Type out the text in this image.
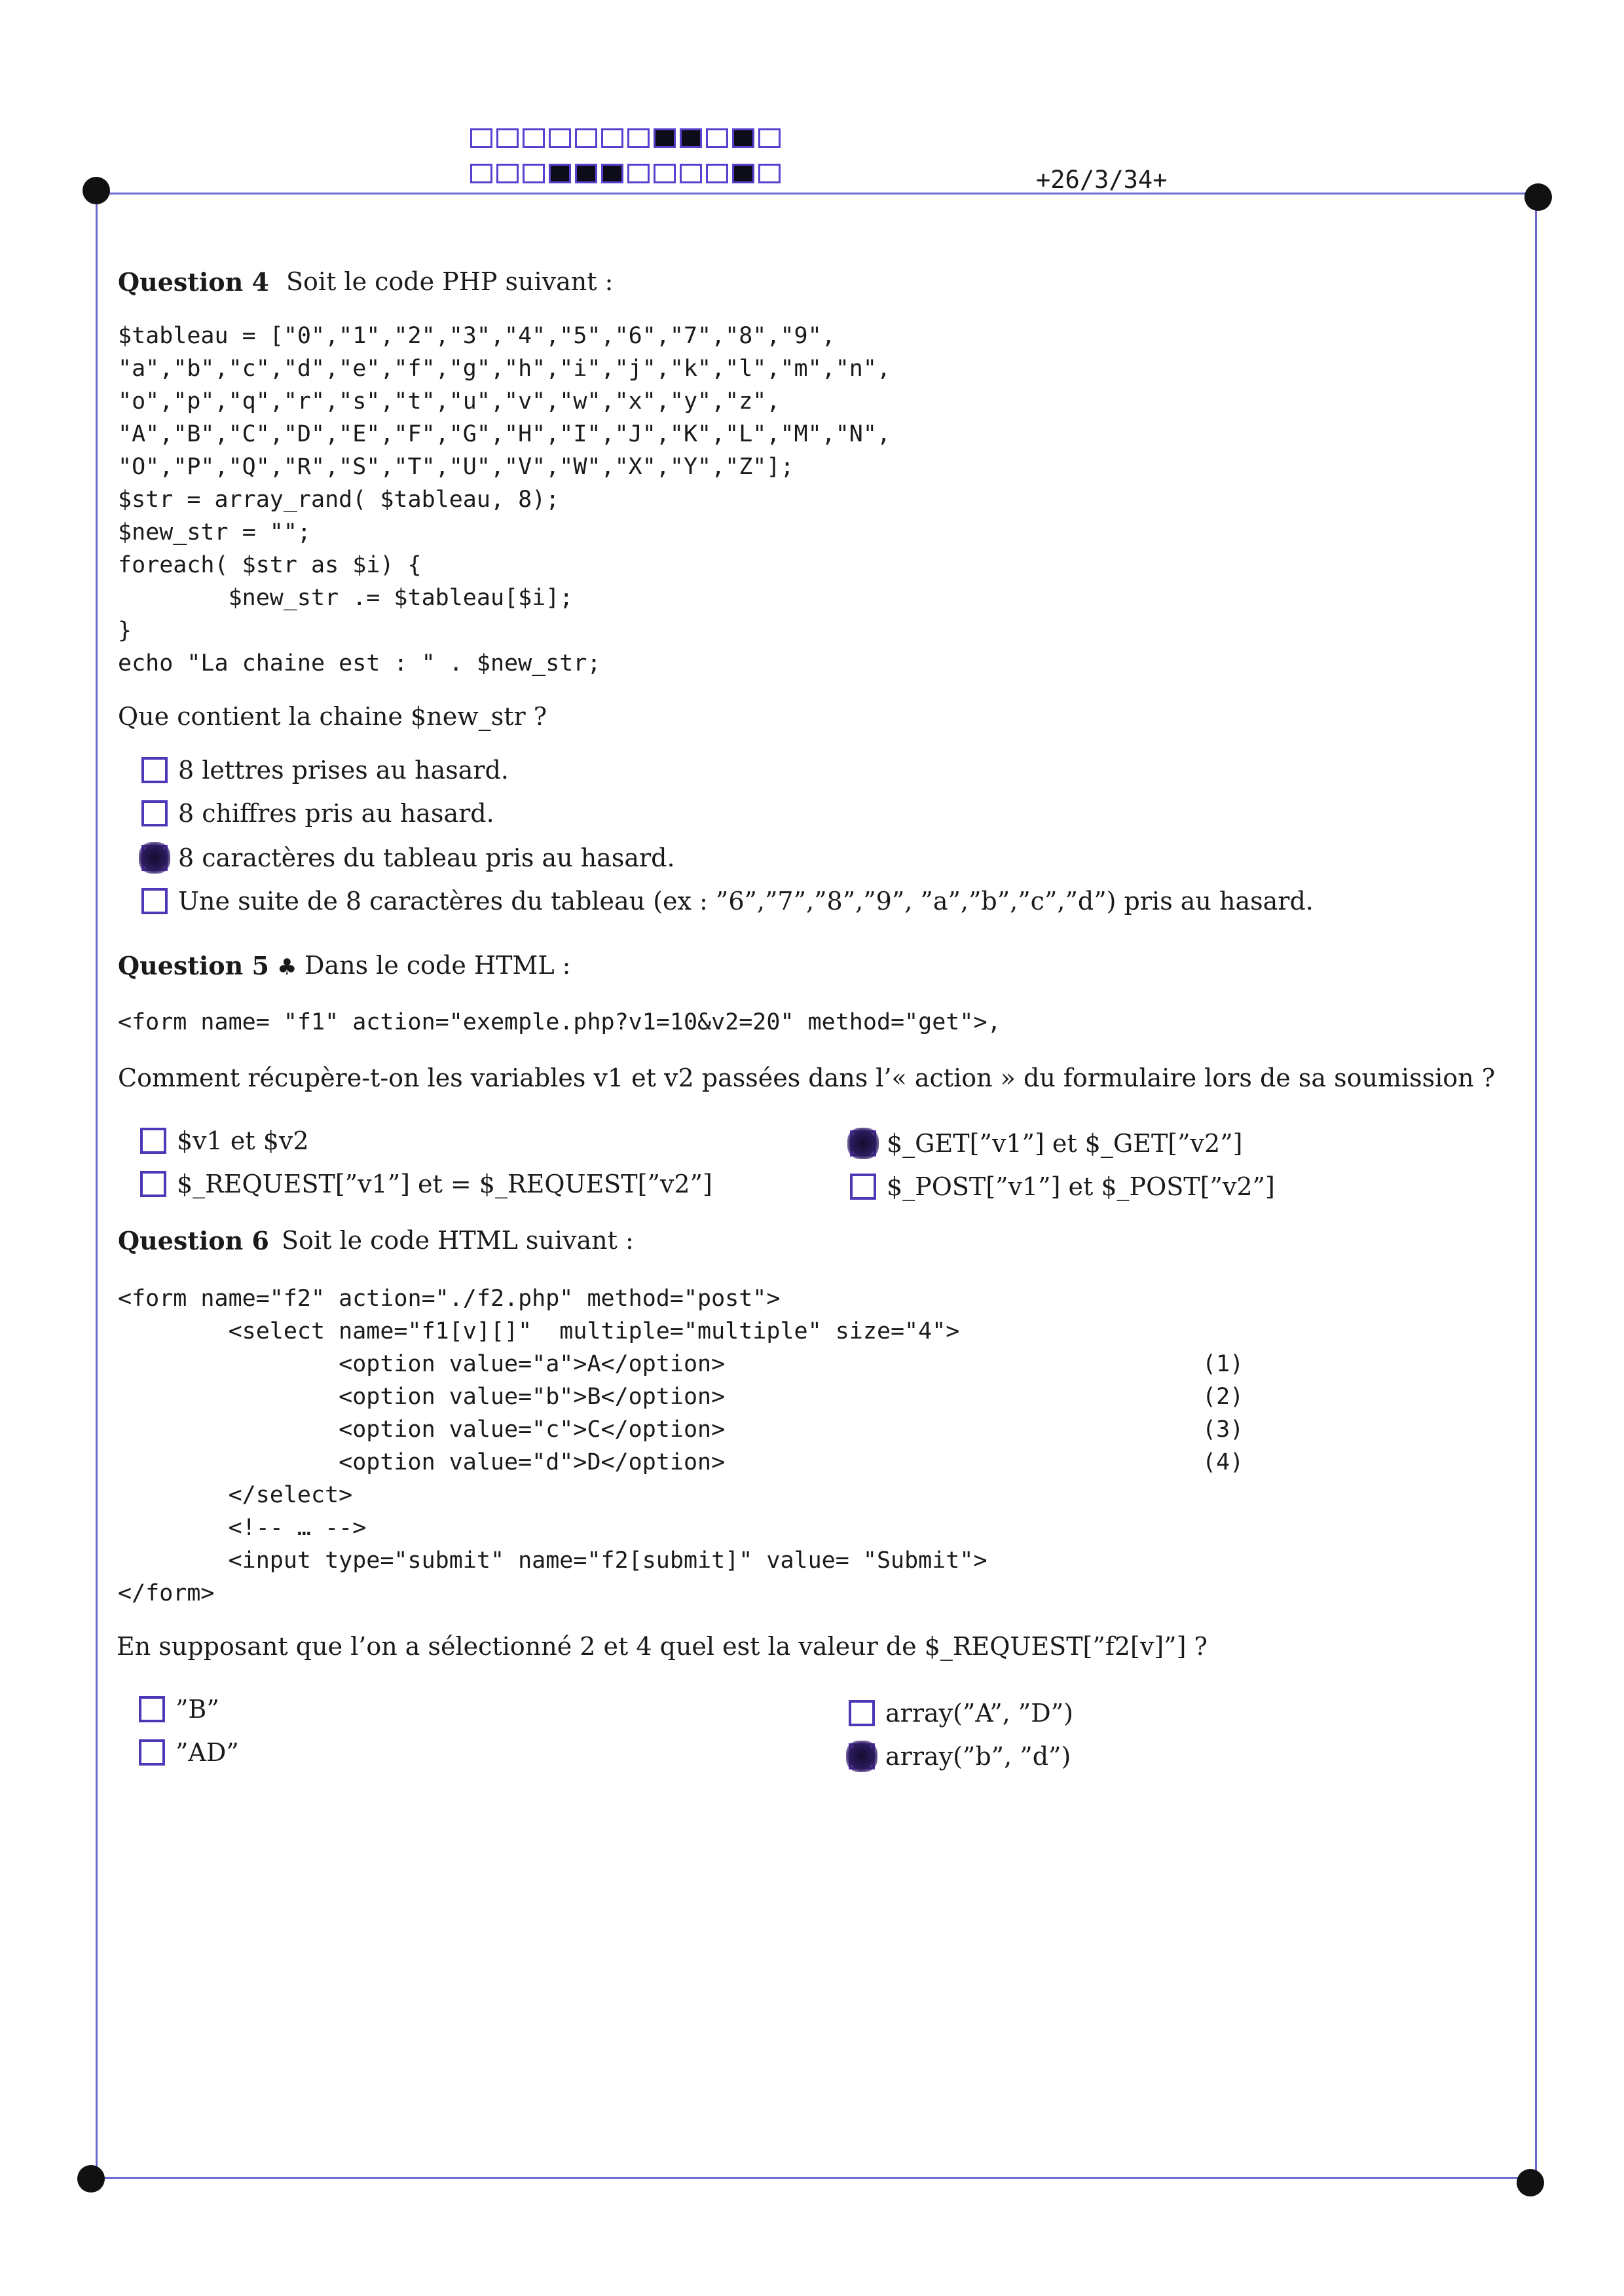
+26/3/34+
Question 4 Soit le code PHP suivant :
$tableau = ["0","1","2","3","4","5","6","7","8","9",
"a","b","c","d","e","f","g","h","i","j","k","l","m","n",
"o","p","q","r","s","t","u","v","w","x","y","z",
"A","B","C","D","E","F","G","H","I","J","K","L","M","N",
"O","P","Q","R","S","T","U","V","W","X","Y","Z"];
$str = array_rand( $tableau, 8);
$new_str = "";
foreach( $str as $i) {
$new_str .= $tableau[$i];
}
echo "La chaine est : " . $new_str;
Que contient la chaine $new_str ?
8 lettres prises au hasard.
8 chiffres pris au hasard.
8 caractères du tableau pris au hasard.
Une suite de 8 caractères du tableau (ex : ”6”,”7”,”8”,”9”, ”a”,”b”,”c”,”d”) pris au hasard.
Question 5 ♣ Dans le code HTML :
<form name= "f1" action="exemple.php?v1=10&v2=20" method="get">,
Comment récupère-t-on les variables v1 et v2 passées dans l’« action » du formulaire lors de sa soumission ?
$v1 et $v2
$_REQUEST[”v1”] et = $_REQUEST[”v2”]
$_GET[”v1”] et $_GET[”v2”]
$_POST[”v1”] et $_POST[”v2”]
Question 6 Soit le code HTML suivant :
<form name="f2" action="./f2.php" method="post">
<select name="f1[v][]"  multiple="multiple" size="4">
<option value="a">A</option>
<option value="b">B</option>
<option value="c">C</option>
<option value="d">D</option>
</select>
<!-- … -->
<input type="submit" name="f2[submit]" value= "Submit">
</form>
(1)
(2)
(3)
(4)
En supposant que l’on a sélectionné 2 et 4 quel est la valeur de $_REQUEST[”f2[v]”] ?
”B”
”AD”
array(”A”, ”D”)
array(”b”, ”d”)
